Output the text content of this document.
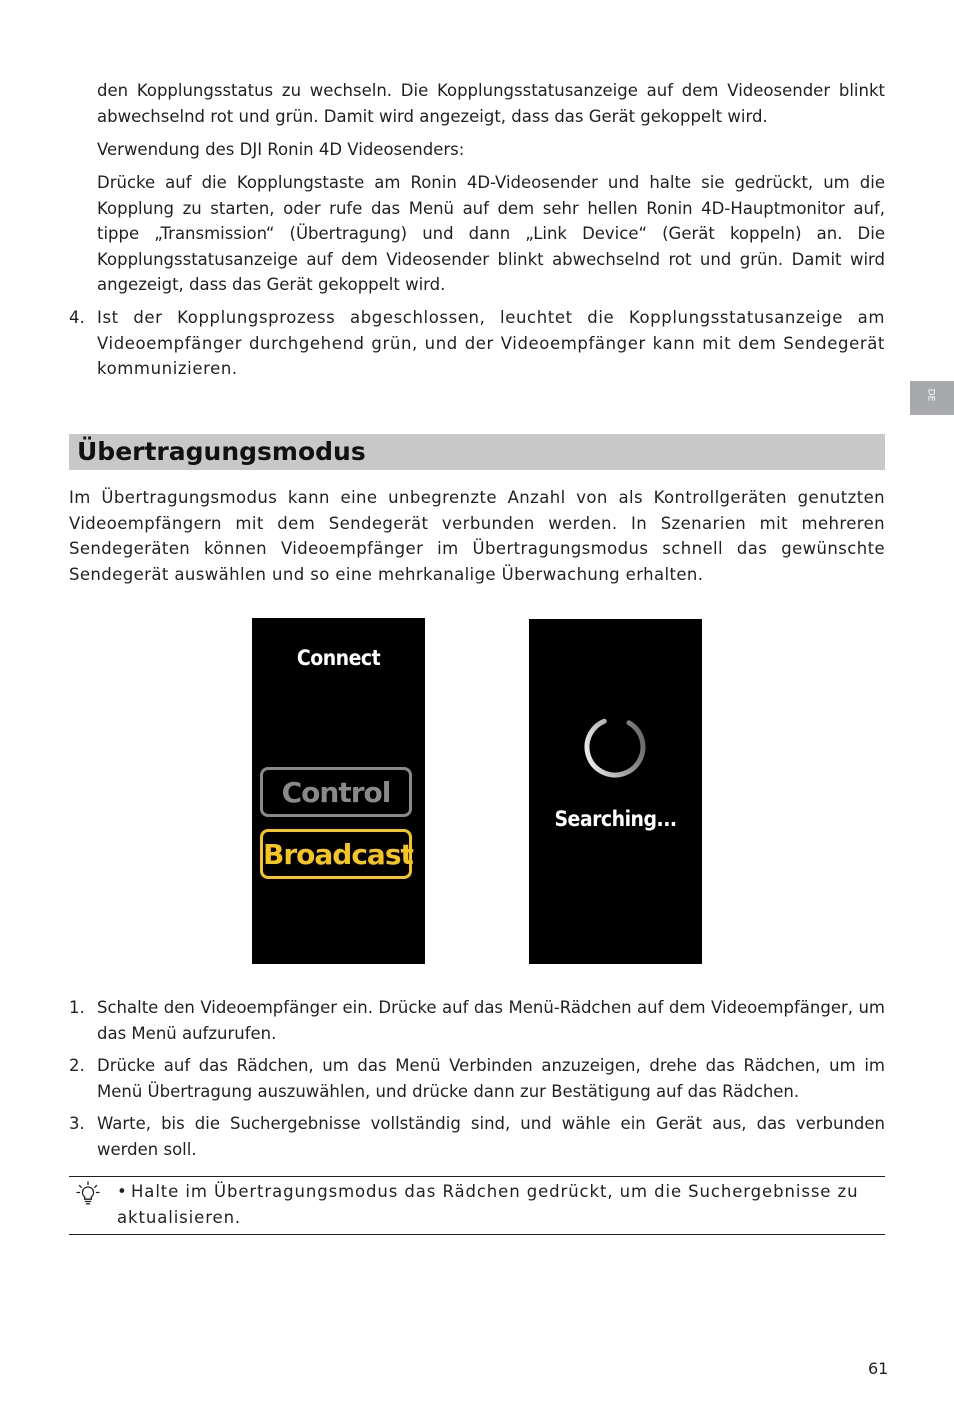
den Kopplungsstatus zu wechseln. Die Kopplungsstatusanzeige auf dem Videosender blinkt abwechselnd rot und grün. Damit wird angezeigt, dass das Gerät gekoppelt wird.

Verwendung des DJI Ronin 4D Videosenders:

Drücke auf die Kopplungstaste am Ronin 4D-Videosender und halte sie gedrückt, um die Kopplung zu starten, oder rufe das Menü auf dem sehr hellen Ronin 4D-Hauptmonitor auf, tippe „Transmission“ (Übertragung) und dann „Link Device“ (Gerät koppeln) an. Die Kopplungsstatusanzeige auf dem Videosender blinkt abwechselnd rot und grün. Damit wird angezeigt, dass das Gerät gekoppelt wird.

4. Ist der Kopplungsprozess abgeschlossen, leuchtet die Kopplungsstatusanzeige am Videoempfänger durchgehend grün, und der Videoempfänger kann mit dem Sendegerät kommunizieren.

DE
Übertragungsmodus

Im Übertragungsmodus kann eine unbegrenzte Anzahl von als Kontrollgeräten genutzten Videoempfängern mit dem Sendegerät verbunden werden. In Szenarien mit mehreren Sendegeräten können Videoempfänger im Übertragungsmodus schnell das gewünschte Sendegerät auswählen und so eine mehrkanalige Überwachung erhalten.

Connect
Control
Broadcast
Searching...
1. Schalte den Videoempfänger ein. Drücke auf das Menü-Rädchen auf dem Videoempfänger, um das Menü aufzurufen.

2. Drücke auf das Rädchen, um das Menü Verbinden anzuzeigen, drehe das Rädchen, um im Menü Übertragung auszuwählen, und drücke dann zur Bestätigung auf das Rädchen.

3. Warte, bis die Suchergebnisse vollständig sind, und wähle ein Gerät aus, das verbunden werden soll.

• Halte im Übertragungsmodus das Rädchen gedrückt, um die Suchergebnisse zu aktualisieren.

61
